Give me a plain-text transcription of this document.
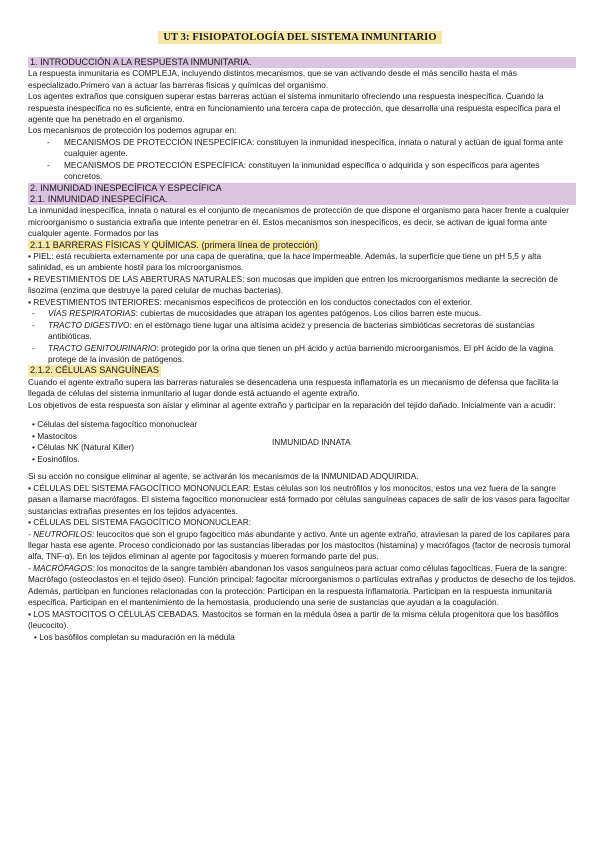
UT 3: FISIOPATOLOGÍA DEL SISTEMA INMUNITARIO

1. INTRODUCCIÓN A LA RESPUESTA INMUNITARIA.

La respuesta inmunitaria es COMPLEJA, incluyendo distintos mecanismos, que se van activando desde el más sencillo hasta el más especializado.Primero van a actuar las barreras físicas y químicas del organismo.

Los agentes extraños que consiguen superar estas barreras actúan el sistema inmunitario ofreciendo una respuesta inespecífica. Cuando la respuesta inespecífica no es suficiente, entra en funcionamiento una tercera capa de protección, que desarrolla una respuesta específica para el agente que ha penetrado en el organismo.

Los mecanismos de protección los podemos agrupar en:

- MECANISMOS DE PROTECCIÓN INESPECÍFICA: constituyen la inmunidad inespecífica, innata o natural y actúan de igual forma ante cualquier agente.
- MECANISMOS DE PROTECCIÓN ESPECÍFICA: constituyen la inmunidad específica o adquirida y son específicos para agentes concretos.

2. INMUNIDAD INESPECÍFICA Y ESPECÍFICA

2.1. INMUNIDAD INESPECÍFICA.

La inmunidad inespecífica, innata o natural es el conjunto de mecanismos de protección de que dispone el organismo para hacer frente a cualquier microorganismo o sustancia extraña que intente penetrar en él. Estos mecanismos son inespecíficos, es decir, se activan de igual forma ante cualquier agente. Formados por las

2.1.1 BARRERAS FÍSICAS Y QUÍMICAS. (primera línea de protección)

▪ PIEL: está recubierta externamente por una capa de queratina, que la hace impermeable. Además, la superficie que tiene un pH 5,5 y alta salinidad, es un ambiente hostil para los microorganismos.

▪ REVESTIMIENTOS DE LAS ABERTURAS NATURALES: son mucosas que impiden que entren los microorganismos mediante la secreción de lisozima (enzima que destruye la pared celular de muchas bacterias).

▪ REVESTIMIENTOS INTERIORES: mecanismos específicos de protección en los conductos conectados con el exterior.

- VÍAS RESPIRATORIAS: cubiertas de mucosidades que atrapan los agentes patógenos. Los cilios barren este mucus.
- TRACTO DIGESTIVO: en el estómago tiene lugar una altísima acidez y presencia de bacterias simbióticas secretoras de sustancias antibióticas.
- TRACTO GENITOURINARIO: protegido por la orina que tienen un pH ácido y actúa barriendo microorganismos. El pH ácido de la vagina protege de la invasión de patógenos.
2.1.2. CÉLULAS SANGUÍNEAS

Cuando el agente extraño supera las barreras naturales se desencadena una respuesta inflamatoria es un mecanismo de defensa que facilita la llegada de células del sistema inmunitario al lugar donde está actuando el agente extraño.

Los objetivos de esta respuesta son aislar y eliminar al agente extraño y participar en la reparación del tejido dañado. Inicialmente van a acudir:

• Células del sistema fagocítico mononuclear
• Mastocitos
• Células NK (Natural Killer)
• Eosinófilos.
INMUNIDAD INNATA

Si su acción no consigue eliminar al agente, se activarán los mecanismos de la INMUNIDAD ADQUIRIDA.

▪ CÉLULAS DEL SISTEMA FAGOCÍTICO MONONUCLEAR: Estas células son los neutrófilos y los monocitos, estos una vez fuera de la sangre pasan a llamarse macrófagos. El sistema fagocítico mononuclear está formado por células sanguíneas capaces de salir de los vasos para fagocitar sustancias extrañas presentes en los tejidos adyacentes.

▪ CÉLULAS DEL SISTEMA FAGOCÍTICO MONONUCLEAR:

- NEUTRÓFILOS: leucocitos que son el grupo fagocítico más abundante y activo. Ante un agente extraño, atraviesan la pared de los capilares para llegar hasta ese agente. Proceso condicionado por las sustancias liberadas por los mastocitos (histamina) y macrófagos (factor de necrosis tumoral alfa, TNF-α). En los tejidos eliminan al agente por fagocitosis y mueren formando parte del pus.

- MACRÓFAGOS: los monocitos de la sangre también abandonan los vasos sanguíneos para actuar como células fagocíticas. Fuera de la sangre: Macrófago (osteoclastos en el tejido óseo). Función principal: fagocitar microorganismos o partículas extrañas y productos de desecho de los tejidos. Además, participan en funciones relacionadas con la protección: Participan en la respuesta inflamatoria. Participan en la respuesta inmunitaria específica. Participan en el mantenimiento de la hemostasia, produciendo una serie de sustancias que ayudan a la coagulación.

▪ LOS MASTOCITOS O CÉLULAS CEBADAS. Mastocitos se forman en la médula ósea a partir de la misma célula progenitora que los basófilos (leucocito).

• Los basófilos completan su maduración en la médula
